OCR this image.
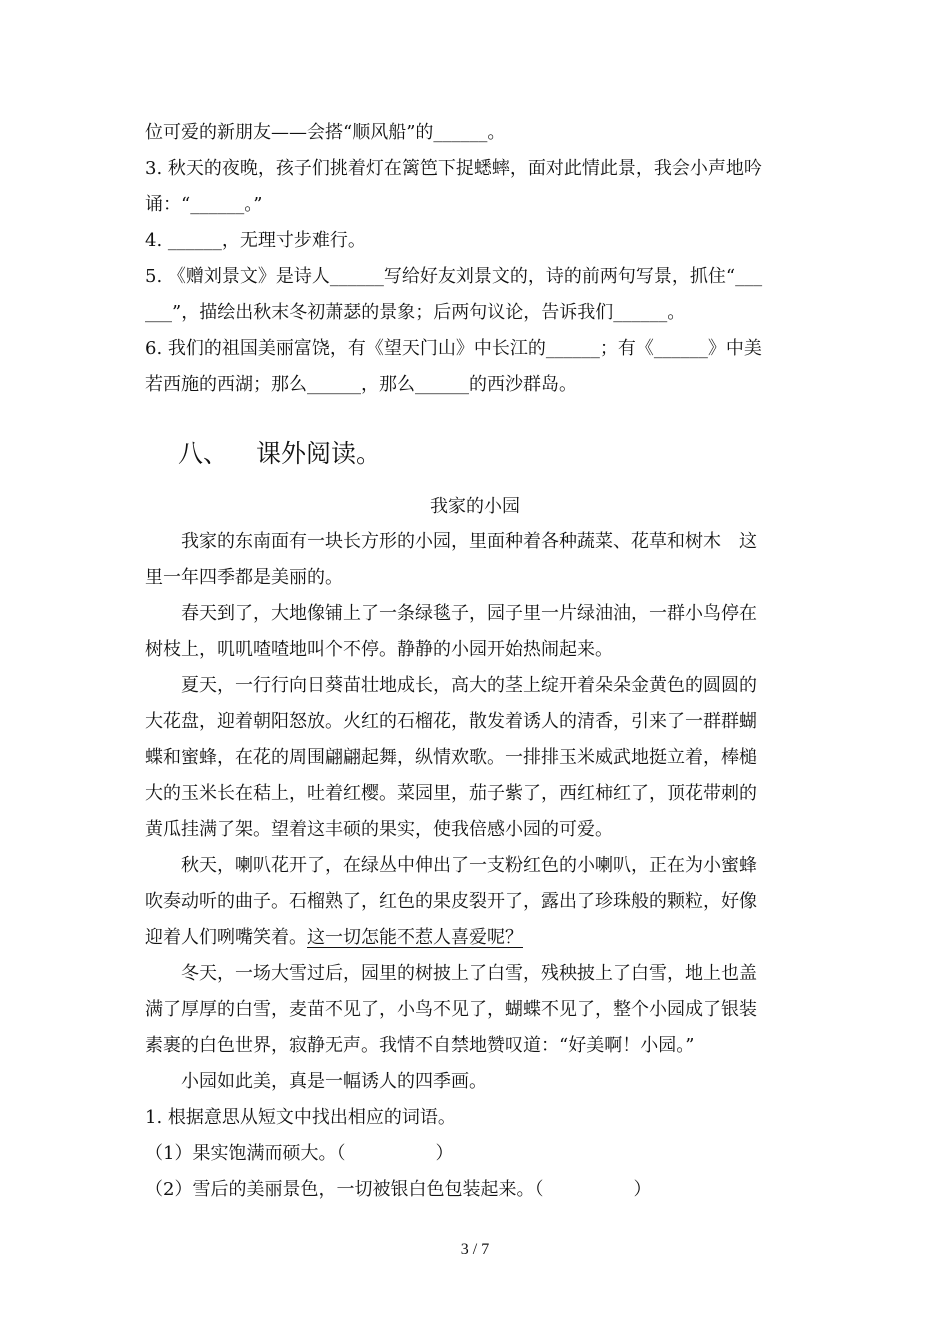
位可爱的新朋友——会搭“顺风船”的______。
3. 秋天的夜晚，孩子们挑着灯在篱笆下捉蟋蟀，面对此情此景，我会小声地吟
诵：“______。”
4. ______，无理寸步难行。
5. 《赠刘景文》是诗人______写给好友刘景文的，诗的前两句写景，抓住“___
___”，描绘出秋末冬初萧瑟的景象；后两句议论，告诉我们______。
6. 我们的祖国美丽富饶，有《望天门山》中长江的______；有《______》中美
若西施的西湖；那么______，那么______的西沙群岛。
八、 课外阅读。
我家的小园
我家的东南面有一块长方形的小园，里面种着各种蔬菜、花草和树木　这
里一年四季都是美丽的。
春天到了，大地像铺上了一条绿毯子，园子里一片绿油油，一群小鸟停在
树枝上，叽叽喳喳地叫个不停。静静的小园开始热闹起来。
夏天，一行行向日葵苗壮地成长，高大的茎上绽开着朵朵金黄色的圆圆的
大花盘，迎着朝阳怒放。火红的石榴花，散发着诱人的清香，引来了一群群蝴
蝶和蜜蜂，在花的周围翩翩起舞，纵情欢歌。一排排玉米威武地挺立着，棒槌
大的玉米长在秸上，吐着红樱。菜园里，茄子紫了，西红柿红了，顶花带刺的
黄瓜挂满了架。望着这丰硕的果实，使我倍感小园的可爱。
秋天，喇叭花开了，在绿丛中伸出了一支粉红色的小喇叭，正在为小蜜蜂
吹奏动听的曲子。石榴熟了，红色的果皮裂开了，露出了珍珠般的颗粒，好像
迎着人们咧嘴笑着。这一切怎能不惹人喜爱呢？
冬天，一场大雪过后，园里的树披上了白雪，残秧披上了白雪，地上也盖
满了厚厚的白雪，麦苗不见了，小鸟不见了，蝴蝶不见了，整个小园成了银装
素裹的白色世界，寂静无声。我情不自禁地赞叹道：“好美啊！小园。”
小园如此美，真是一幅诱人的四季画。
1. 根据意思从短文中找出相应的词语。
（1）果实饱满而硕大。（　　　　　）
（2）雪后的美丽景色，一切被银白色包装起来。（　　　　　）
3 / 7
